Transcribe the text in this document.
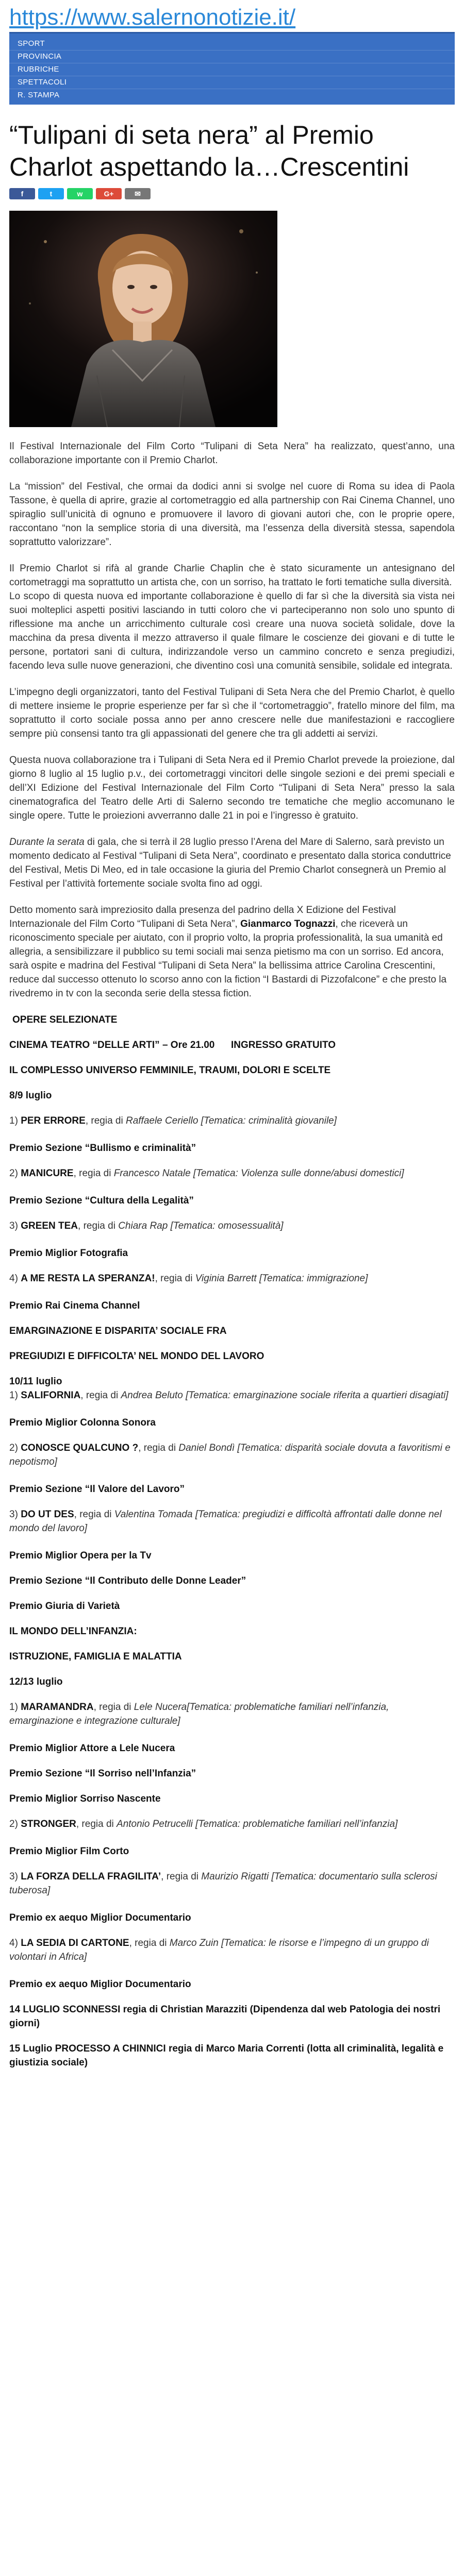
https://www.salernonotizie.it/
SPORT
PROVINCIA
RUBRICHE
SPETTACOLI
R. STAMPA
“Tulipani di seta nera” al Premio Charlot aspettando la…Crescentini
f	t	w	G+	✉

Il Festival Internazionale del Film Corto “Tulipani di Seta Nera” ha realizzato, quest’anno, una collaborazione importante con il Premio Charlot.

La “mission” del Festival, che ormai da dodici anni si svolge nel cuore di Roma su idea di Paola Tassone, è quella di aprire, grazie al cortometraggio ed alla partnership con Rai Cinema Channel, uno spiraglio sull’unicità di ognuno e promuovere il lavoro di giovani autori che, con le proprie opere, raccontano “non la semplice storia di una diversità, ma l’essenza della diversità stessa, sapendola soprattutto valorizzare”.

Il Premio Charlot si rifà al grande Charlie Chaplin che è stato sicuramente un antesignano del cortometraggi ma soprattutto un artista che, con un sorriso, ha trattato le forti tematiche sulla diversità.

Lo scopo di questa nuova ed importante collaborazione è quello di far sì che la diversità sia vista nei suoi molteplici aspetti positivi lasciando in tutti coloro che vi parteciperanno non solo uno spunto di riflessione ma anche un arricchimento culturale così creare una nuova società solidale, dove la macchina da presa diventa il mezzo attraverso il quale filmare le coscienze dei giovani e di tutte le persone, portatori sani di cultura, indirizzandole verso un cammino concreto e senza pregiudizi, facendo leva sulle nuove generazioni, che diventino così una comunità sensibile, solidale ed integrata.

L’impegno degli organizzatori, tanto del Festival Tulipani di Seta Nera che del Premio Charlot, è quello di mettere insieme le proprie esperienze per far sì che il “cortometraggio”, fratello minore del film, ma soprattutto il corto sociale possa anno per anno crescere nelle due manifestazioni e raccogliere sempre più consensi tanto tra gli appassionati del genere che tra gli addetti ai servizi.

Questa nuova collaborazione tra i Tulipani di Seta Nera ed il Premio Charlot prevede la proiezione, dal giorno 8 luglio al 15 luglio p.v., dei cortometraggi vincitori delle singole sezioni e dei premi speciali e dell’XI Edizione del Festival Internazionale del Film Corto “Tulipani di Seta Nera” presso la sala cinematografica del Teatro delle Arti di Salerno secondo tre tematiche che meglio accomunano le single opere. Tutte le proiezioni avverranno dalle 21 in poi e l’ingresso è gratuito.

Durante la serata di gala, che si terrà il 28 luglio presso l’Arena del Mare di Salerno, sarà previsto un momento dedicato al Festival “Tulipani di Seta Nera”, coordinato e presentato dalla storica conduttrice del Festival, Metis Di Meo, ed in tale occasione la giuria del Premio Charlot consegnerà un Premio al Festival per l’attività fortemente sociale svolta fino ad oggi.

Detto momento sarà impreziosito dalla presenza del padrino della X Edizione del Festival Internazionale del Film Corto “Tulipani di Seta Nera”, Gianmarco Tognazzi, che riceverà un riconoscimento speciale per aiutato, con il proprio volto, la propria professionalità, la sua umanità ed allegria, a sensibilizzare il pubblico su temi sociali mai senza pietismo ma con un sorriso. Ed ancora, sarà ospite e madrina del Festival “Tulipani di Seta Nera” la bellissima attrice Carolina Crescentini, reduce dal successo ottenuto lo scorso anno con la fiction “I Bastardi di Pizzofalcone” e che presto la rivedremo in tv con la seconda serie della stessa fiction.

OPERE SELEZIONATE
CINEMA TEATRO “DELLE ARTI” – Ore 21.00      INGRESSO GRATUITO
IL COMPLESSO UNIVERSO FEMMINILE, TRAUMI, DOLORI E SCELTE
8/9 luglio
1) PER ERRORE, regia di Raffaele Ceriello [Tematica: criminalità giovanile]
Premio Sezione “Bullismo e criminalità”
2) MANICURE, regia di Francesco Natale [Tematica: Violenza sulle donne/abusi domestici]
Premio Sezione “Cultura della Legalità”
3) GREEN TEA, regia di Chiara Rap [Tematica: omosessualità]
Premio Miglior Fotografia
4) A ME RESTA LA SPERANZA!, regia di Viginia Barrett [Tematica: immigrazione]
Premio Rai Cinema Channel
EMARGINAZIONE E DISPARITA’ SOCIALE FRA
PREGIUDIZI E DIFFICOLTA’ NEL MONDO DEL LAVORO
10/11 luglio
1) SALIFORNIA, regia di Andrea Beluto [Tematica: emarginazione sociale riferita a quartieri disagiati]
Premio Miglior Colonna Sonora
2) CONOSCE QUALCUNO ?, regia di Daniel Bondì [Tematica: disparità sociale dovuta a favoritismi e nepotismo]
Premio Sezione “Il Valore del Lavoro”
3) DO UT DES, regia di Valentina Tomada [Tematica: pregiudizi e difficoltà affrontati dalle donne nel mondo del lavoro]
Premio Miglior Opera per la Tv
Premio Sezione “Il Contributo delle Donne Leader”
Premio Giuria di Varietà
IL MONDO DELL’INFANZIA:
ISTRUZIONE, FAMIGLIA E MALATTIA
12/13 luglio
1) MARAMANDRA, regia di Lele Nucera[Tematica: problematiche familiari nell’infanzia, emarginazione e integrazione culturale]
Premio Miglior Attore a Lele Nucera
Premio Sezione “Il Sorriso nell’Infanzia”
Premio Miglior Sorriso Nascente
2) STRONGER, regia di Antonio Petrucelli [Tematica: problematiche familiari nell’infanzia]
Premio Miglior Film Corto
3) LA FORZA DELLA FRAGILITA’, regia di Maurizio Rigatti [Tematica: documentario sulla sclerosi tuberosa]
Premio ex aequo Miglior Documentario
4) LA SEDIA DI CARTONE, regia di Marco Zuin [Tematica: le risorse e l’impegno di un gruppo di volontari in Africa]
Premio ex aequo Miglior Documentario
14 LUGLIO SCONNESSI regia di Christian Marazziti (Dipendenza dal web Patologia dei nostri giorni)
15 Luglio PROCESSO A CHINNICI regia di Marco Maria Correnti (lotta all criminalità, legalità e giustizia sociale)
